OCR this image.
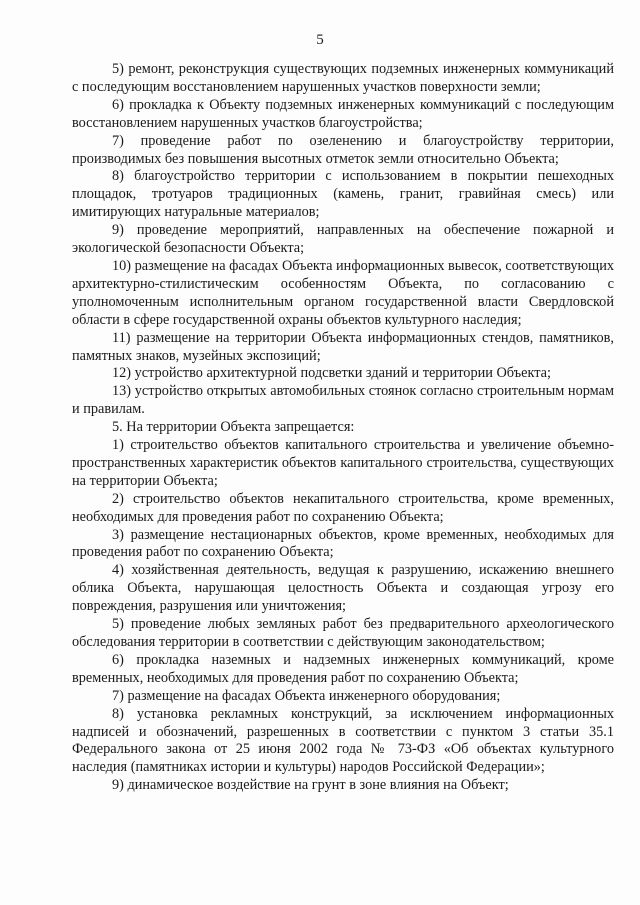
5

5) ремонт, реконструкция существующих подземных инженерных коммуникаций с последующим восстановлением нарушенных участков поверхности земли;

6) прокладка к Объекту подземных инженерных коммуникаций с последующим восстановлением нарушенных участков благоустройства;

7) проведение работ по озеленению и благоустройству территории, производимых без повышения высотных отметок земли относительно Объекта;

8) благоустройство территории с использованием в покрытии пешеходных площадок, тротуаров традиционных (камень, гранит, гравийная смесь) или имитирующих натуральные материалов;

9) проведение мероприятий, направленных на обеспечение пожарной и экологической безопасности Объекта;

10) размещение на фасадах Объекта информационных вывесок, соответствующих архитектурно-стилистическим особенностям Объекта, по согласованию с уполномоченным исполнительным органом государственной власти Свердловской области в сфере государственной охраны объектов культурного наследия;

11) размещение на территории Объекта информационных стендов, памятников, памятных знаков, музейных экспозиций;

12) устройство архитектурной подсветки зданий и территории Объекта;

13) устройство открытых автомобильных стоянок согласно строительным нормам и правилам.

5. На территории Объекта запрещается:

1) строительство объектов капитального строительства и увеличение объемно-пространственных характеристик объектов капитального строительства, существующих на территории Объекта;

2) строительство объектов некапитального строительства, кроме временных, необходимых для проведения работ по сохранению Объекта;

3) размещение нестационарных объектов, кроме временных, необходимых для проведения работ по сохранению Объекта;

4) хозяйственная деятельность, ведущая к разрушению, искажению внешнего облика Объекта, нарушающая целостность Объекта и создающая угрозу его повреждения, разрушения или уничтожения;

5) проведение любых земляных работ без предварительного археологического обследования территории в соответствии с действующим законодательством;

6) прокладка наземных и надземных инженерных коммуникаций, кроме временных, необходимых для проведения работ по сохранению Объекта;

7) размещение на фасадах Объекта инженерного оборудования;

8) установка рекламных конструкций, за исключением информационных надписей и обозначений, разрешенных в соответствии с пунктом 3 статьи 35.1 Федерального закона от 25 июня 2002 года № 73-ФЗ «Об объектах культурного наследия (памятниках истории и культуры) народов Российской Федерации»;

9) динамическое воздействие на грунт в зоне влияния на Объект;
